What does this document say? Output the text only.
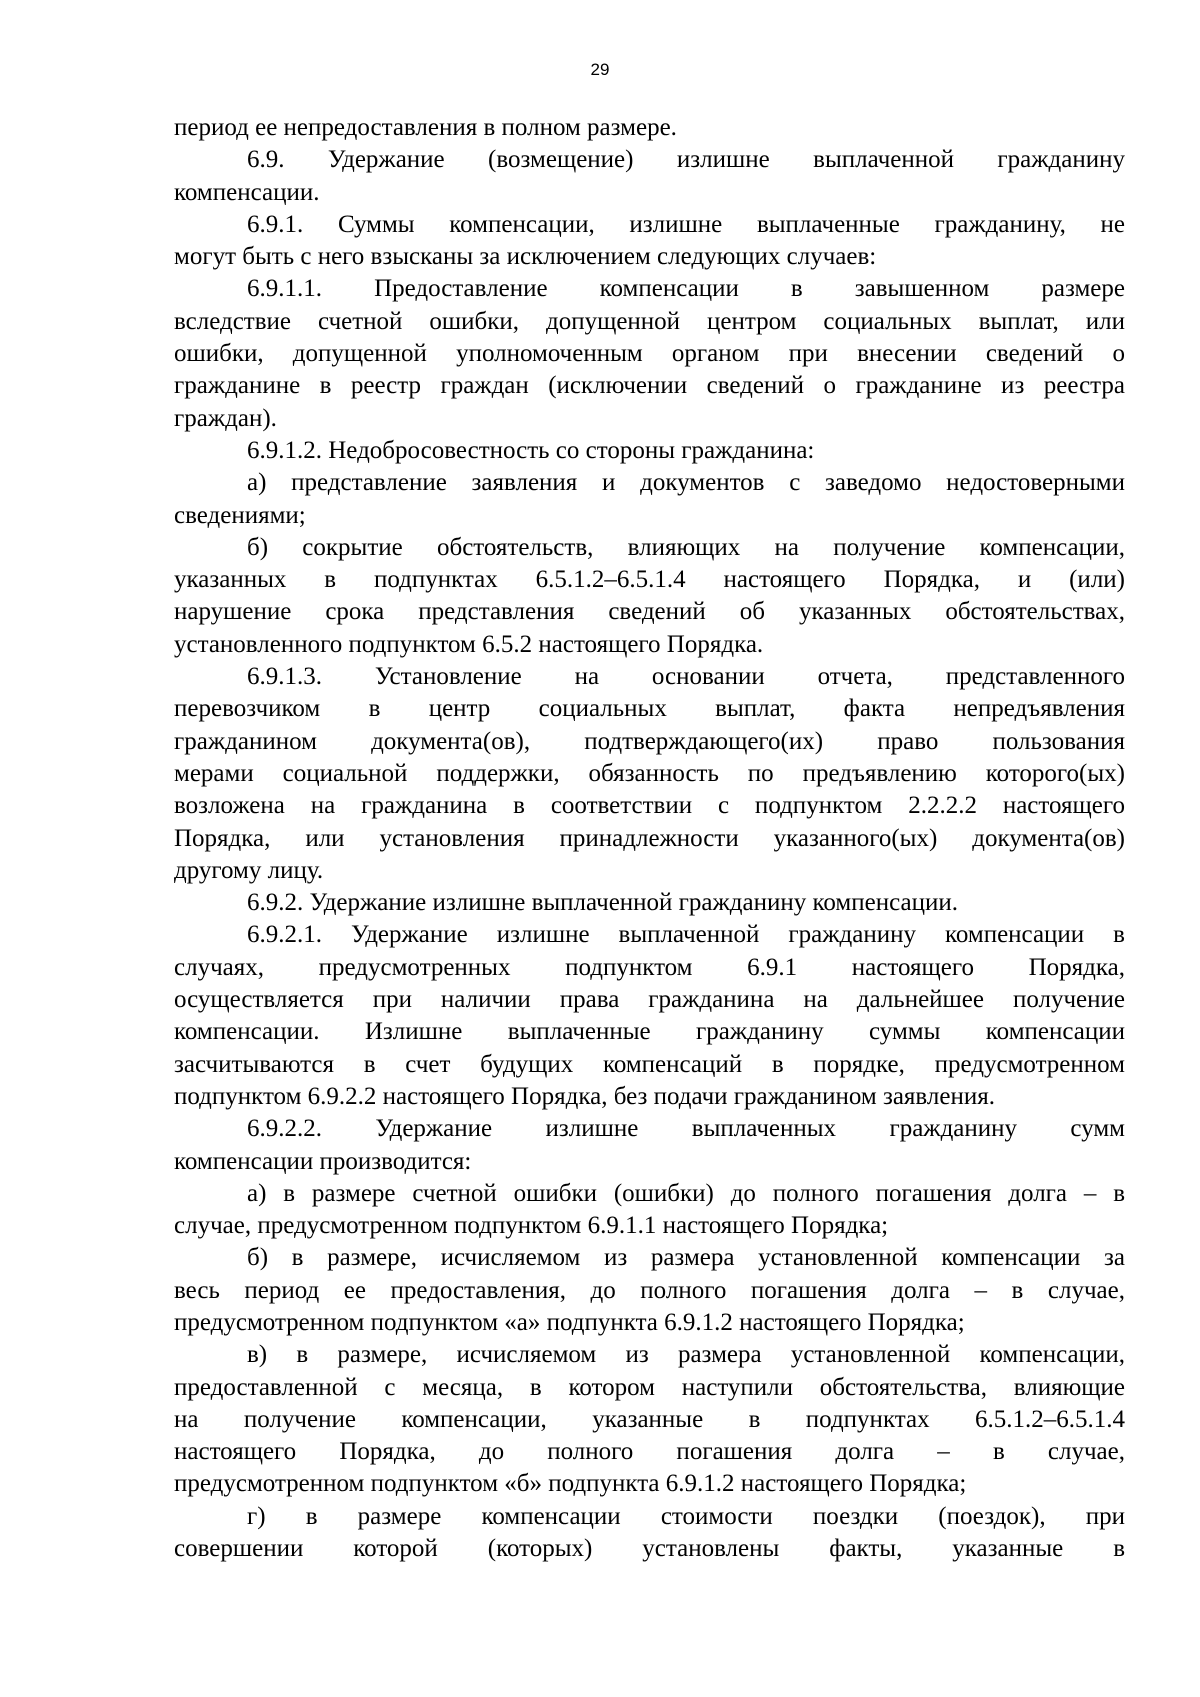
29
период ее непредоставления в полном размере.
6.9. Удержание (возмещение) излишне выплаченной гражданину
компенсации.
6.9.1. Суммы компенсации, излишне выплаченные гражданину, не
могут быть с него взысканы за исключением следующих случаев:
6.9.1.1. Предоставление компенсации в завышенном размере
вследствие счетной ошибки, допущенной центром социальных выплат, или
ошибки, допущенной уполномоченным органом при внесении сведений о
гражданине в реестр граждан (исключении сведений о гражданине из реестра
граждан).
6.9.1.2. Недобросовестность со стороны гражданина:
а) представление заявления и документов с заведомо недостоверными
сведениями;
б) сокрытие обстоятельств, влияющих на получение компенсации,
указанных в подпунктах 6.5.1.2–6.5.1.4 настоящего Порядка, и (или)
нарушение срока представления сведений об указанных обстоятельствах,
установленного подпунктом 6.5.2 настоящего Порядка.
6.9.1.3. Установление на основании отчета, представленного
перевозчиком в центр социальных выплат, факта непредъявления
гражданином документа(ов), подтверждающего(их) право пользования
мерами социальной поддержки, обязанность по предъявлению которого(ых)
возложена на гражданина в соответствии с подпунктом 2.2.2.2 настоящего
Порядка, или установления принадлежности указанного(ых) документа(ов)
другому лицу.
6.9.2. Удержание излишне выплаченной гражданину компенсации.
6.9.2.1. Удержание излишне выплаченной гражданину компенсации в
случаях, предусмотренных подпунктом 6.9.1 настоящего Порядка,
осуществляется при наличии права гражданина на дальнейшее получение
компенсации. Излишне выплаченные гражданину суммы компенсации
засчитываются в счет будущих компенсаций в порядке, предусмотренном
подпунктом 6.9.2.2 настоящего Порядка, без подачи гражданином заявления.
6.9.2.2. Удержание излишне выплаченных гражданину сумм
компенсации производится:
а) в размере счетной ошибки (ошибки) до полного погашения долга – в
случае, предусмотренном подпунктом 6.9.1.1 настоящего Порядка;
б) в размере, исчисляемом из размера установленной компенсации за
весь период ее предоставления, до полного погашения долга – в случае,
предусмотренном подпунктом «а» подпункта 6.9.1.2 настоящего Порядка;
в) в размере, исчисляемом из размера установленной компенсации,
предоставленной с месяца, в котором наступили обстоятельства, влияющие
на получение компенсации, указанные в подпунктах 6.5.1.2–6.5.1.4
настоящего Порядка, до полного погашения долга – в случае,
предусмотренном подпунктом «б» подпункта 6.9.1.2 настоящего Порядка;
г) в размере компенсации стоимости поездки (поездок), при
совершении которой (которых) установлены факты, указанные в
